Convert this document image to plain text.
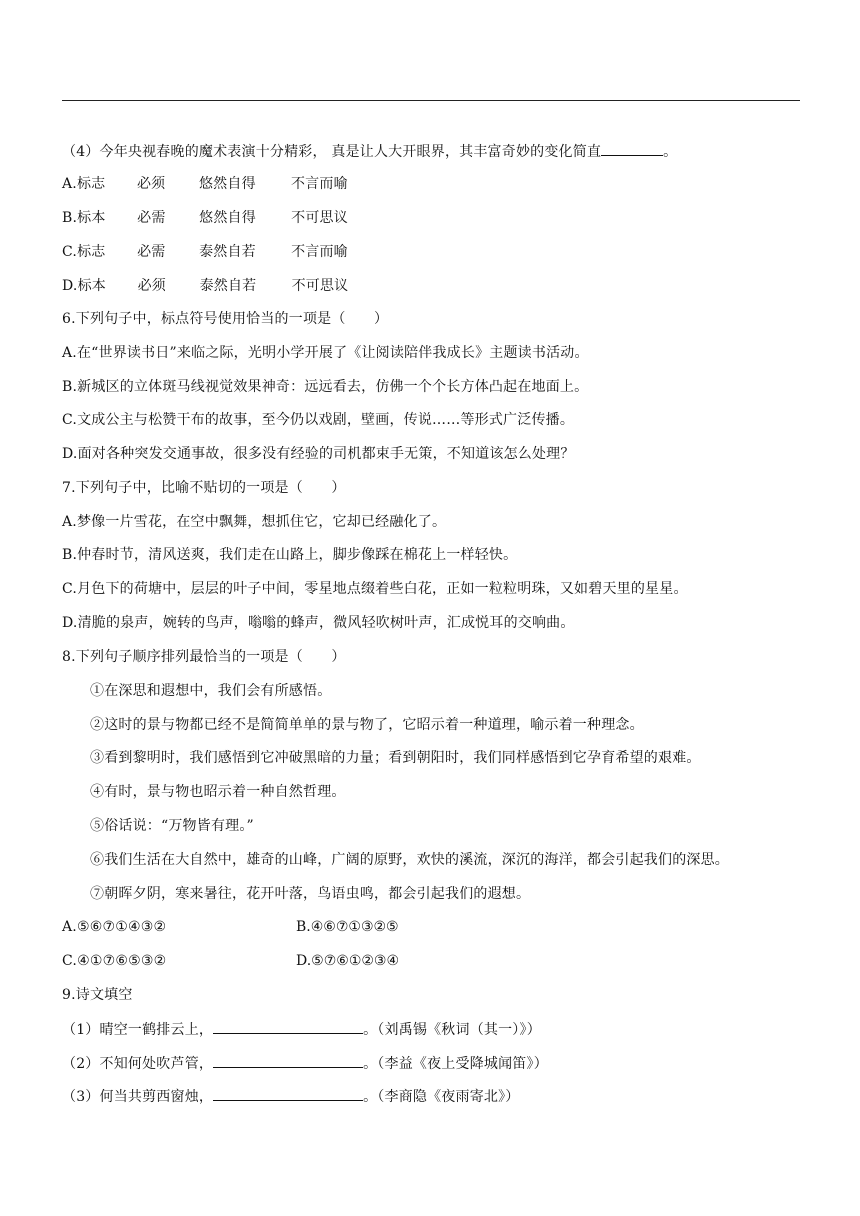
（4）今年央视春晚的魔术表演十分精彩， 真是让人大开眼界，其丰富奇妙的变化简直	。
A.标志 必须 悠然自得	不言而喻
B.标本 必需 悠然自得	不可思议
C.标志 必需 泰然自若	不言而喻
D.标本 必须 泰然自若	不可思议
6.下列句子中，标点符号使用恰当的一项是（　　）
A.在“世界读书日”来临之际，光明小学开展了《让阅读陪伴我成长》主题读书活动。
B.新城区的立体斑马线视觉效果神奇：远远看去，仿佛一个个长方体凸起在地面上。
C.文成公主与松赞干布的故事，至今仍以戏剧，壁画，传说……等形式广泛传播。
D.面对各种突发交通事故，很多没有经验的司机都束手无策，不知道该怎么处理？
7.下列句子中，比喻不贴切的一项是（　　）
A.梦像一片雪花，在空中飘舞，想抓住它，它却已经融化了。
B.仲春时节，清风送爽，我们走在山路上，脚步像踩在棉花上一样轻快。
C.月色下的荷塘中，层层的叶子中间，零星地点缀着些白花，正如一粒粒明珠，又如碧天里的星星。
D.清脆的泉声，婉转的鸟声，嗡嗡的蜂声，微风轻吹树叶声，汇成悦耳的交响曲。
8.下列句子顺序排列最恰当的一项是（　　）
①在深思和遐想中，我们会有所感悟。
②这时的景与物都已经不是简简单单的景与物了，它昭示着一种道理，喻示着一种理念。
③看到黎明时，我们感悟到它冲破黑暗的力量；看到朝阳时，我们同样感悟到它孕育希望的艰难。
④有时，景与物也昭示着一种自然哲理。
⑤俗话说：“万物皆有理。”
⑥我们生活在大自然中，雄奇的山峰，广阔的原野，欢快的溪流，深沉的海洋，都会引起我们的深思。
⑦朝晖夕阴，寒来暑往，花开叶落，鸟语虫鸣，都会引起我们的遐想。
A.⑤⑥⑦①④③②	B.④⑥⑦①③②⑤
C.④①⑦⑥⑤③②	D.⑤⑦⑥①②③④
9.诗文填空
（1）晴空一鹤排云上，	。（刘禹锡《秋词（其一）》）
（2）不知何处吹芦管，	。（李益《夜上受降城闻笛》）
（3）何当共剪西窗烛，	。（李商隐《夜雨寄北》）
